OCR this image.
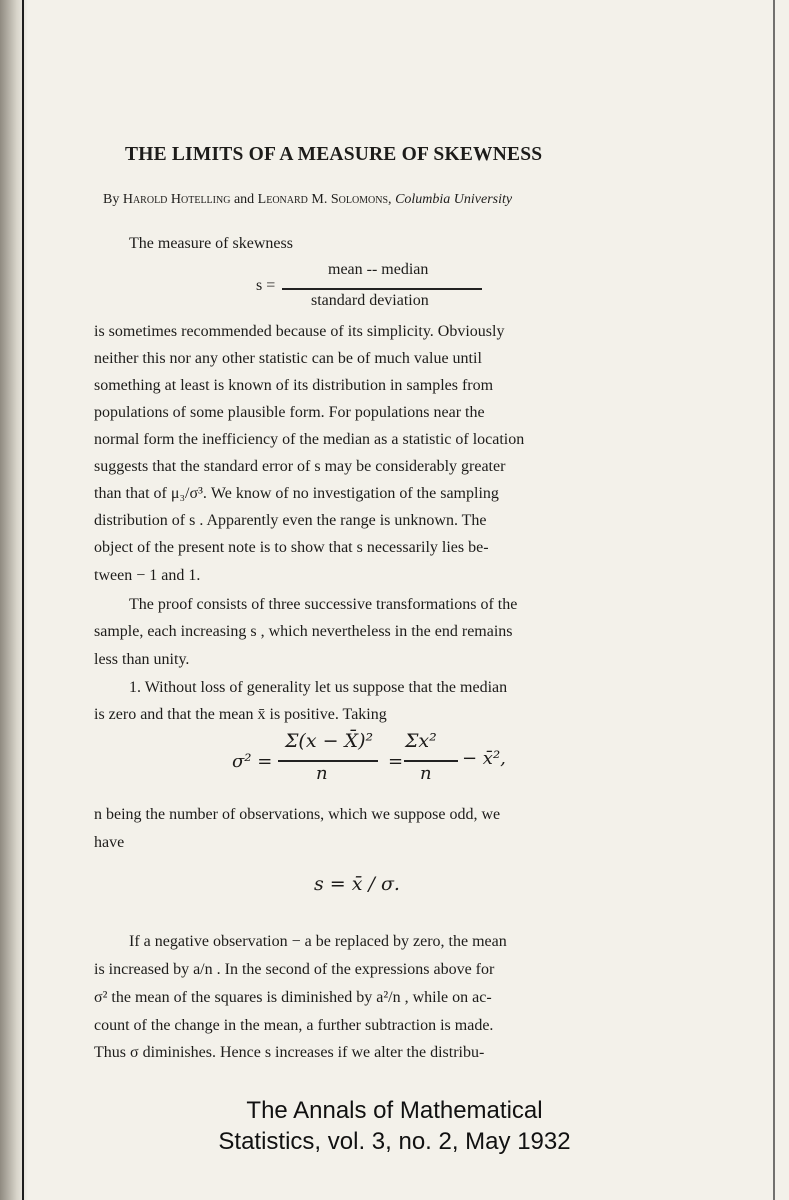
THE LIMITS OF A MEASURE OF SKEWNESS
By Harold Hotelling and Leonard M. Solomons, Columbia University
The measure of skewness
s =
mean -- median
standard deviation
is sometimes recommended because of its simplicity. Obviously
neither this nor any other statistic can be of much value until
something at least is known of its distribution in samples from
populations of some plausible form. For populations near the
normal form the inefficiency of the median as a statistic of location
suggests that the standard error of s may be considerably greater
than that of μ₃/σ³. We know of no investigation of the sampling
distribution of s . Apparently even the range is unknown. The
object of the present note is to show that s necessarily lies be-
tween − 1 and 1.
The proof consists of three successive transformations of the
sample, each increasing s , which nevertheless in the end remains
less than unity.
1. Without loss of generality let us suppose that the median
is zero and that the mean x̄ is positive. Taking
σ² =
Σ(x − X̄)²
n
=
Σx²
n
− x̄²,
n being the number of observations, which we suppose odd, we
have
s = x̄ / σ.
If a negative observation − a be replaced by zero, the mean
is increased by a/n . In the second of the expressions above for
σ² the mean of the squares is diminished by a²/n , while on ac-
count of the change in the mean, a further subtraction is made.
Thus σ diminishes. Hence s increases if we alter the distribu-
The Annals of Mathematical
Statistics, vol. 3, no. 2, May 1932
